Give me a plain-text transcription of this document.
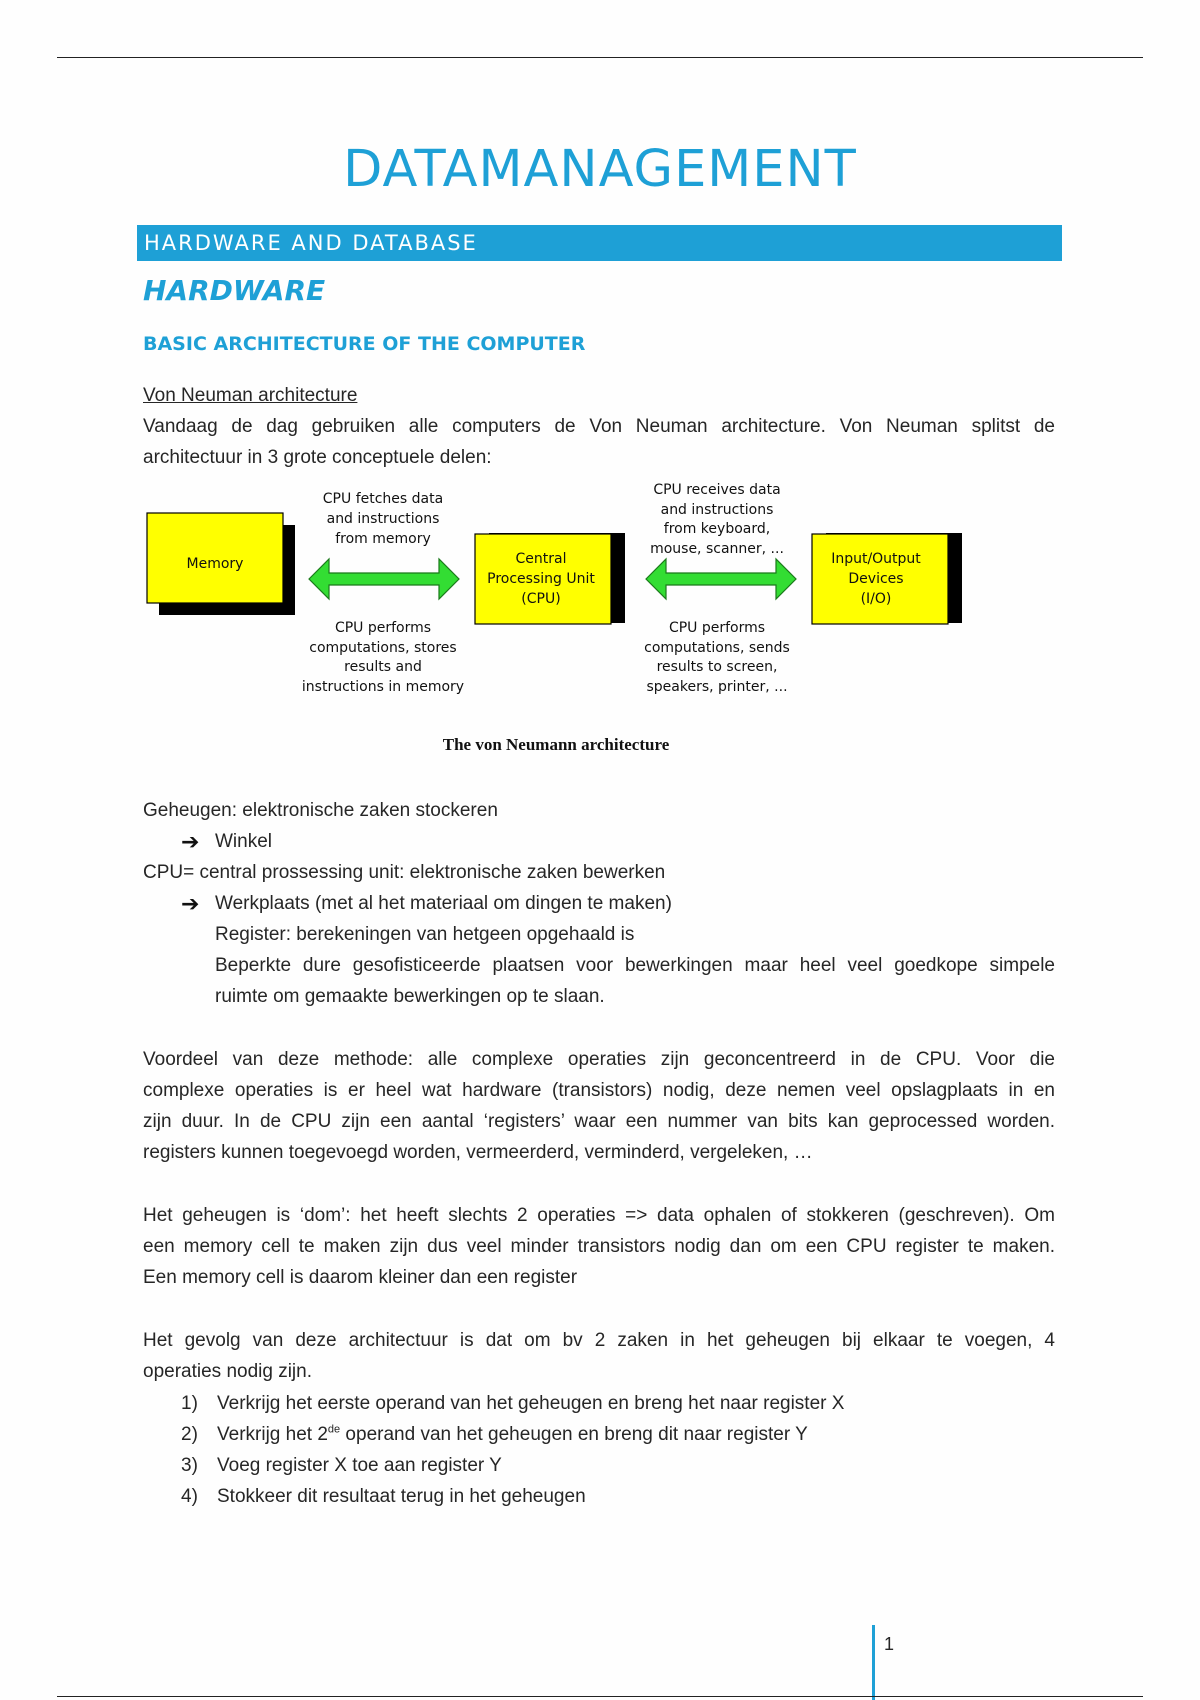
DATAMANAGEMENT
HARDWARE AND DATABASE
HARDWARE
BASIC ARCHITECTURE OF THE COMPUTER
Von Neuman architecture
Vandaag de dag gebruiken alle computers de Von Neuman architecture. Von Neuman splitst de
architectuur in 3 grote conceptuele delen:
Memory	Central
Processing Unit
(CPU)
Input/Output
Devices
(I/O)
CPU fetches data
and instructions
from memory
CPU performs
computations, stores
results and
instructions in memory
CPU receives data
and instructions
from keyboard,
mouse, scanner, ...
CPU performs
computations, sends
results to screen,
speakers, printer, ...
The von Neumann architecture
Geheugen: elektronische zaken stockeren
➔ Winkel
CPU= central prossessing unit: elektronische zaken bewerken
➔ Werkplaats (met al het materiaal om dingen te maken)
Register: berekeningen van hetgeen opgehaald is
Beperkte dure gesofisticeerde plaatsen voor bewerkingen maar heel veel goedkope simpele
ruimte om gemaakte bewerkingen op te slaan.
Voordeel van deze methode: alle complexe operaties zijn geconcentreerd in de CPU. Voor die
complexe operaties is er heel wat hardware (transistors) nodig, deze nemen veel opslagplaats in en
zijn duur. In de CPU zijn een aantal ‘registers’ waar een nummer van bits kan geprocessed worden.
registers kunnen toegevoegd worden, vermeerderd, verminderd, vergeleken, …
Het geheugen is ‘dom’: het heeft slechts 2 operaties => data ophalen of stokkeren (geschreven). Om
een memory cell te maken zijn dus veel minder transistors nodig dan om een CPU register te maken.
Een memory cell is daarom kleiner dan een register
Het gevolg van deze architectuur is dat om bv 2 zaken in het geheugen bij elkaar te voegen, 4
operaties nodig zijn.
1) Verkrijg het eerste operand van het geheugen en breng het naar register X
2) Verkrijg het 2de operand van het geheugen en breng dit naar register Y
3) Voeg register X toe aan register Y
4) Stokkeer dit resultaat terug in het geheugen
1
